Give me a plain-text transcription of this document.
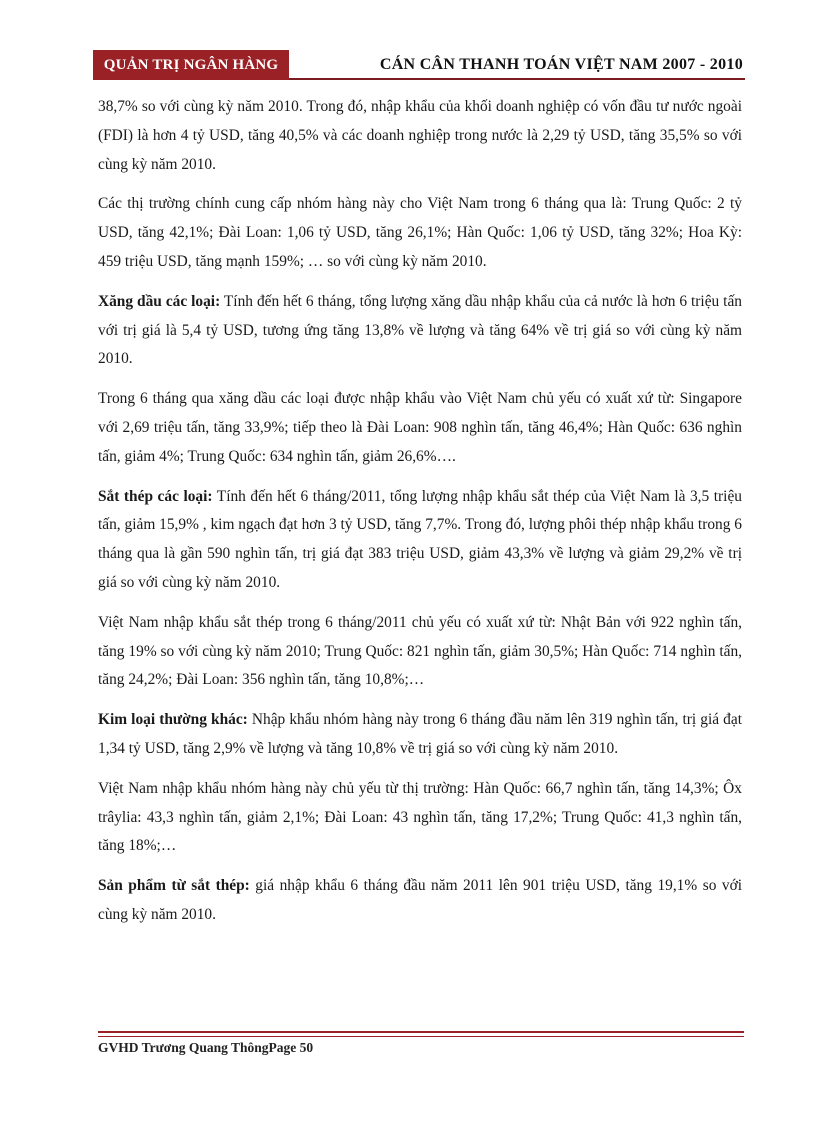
QUẢN TRỊ NGÂN HÀNG	CÁN CÂN THANH TOÁN VIỆT NAM 2007 - 2010

38,7% so với cùng kỳ năm 2010. Trong đó, nhập khẩu của khối doanh nghiệp có vốn đầu tư nước ngoài (FDI) là hơn 4 tỷ USD, tăng 40,5% và các doanh nghiệp trong nước là 2,29 tỷ USD, tăng 35,5% so với cùng kỳ năm 2010.

Các thị trường chính cung cấp nhóm hàng này cho Việt Nam trong 6 tháng qua là: Trung Quốc: 2 tỷ USD, tăng 42,1%; Đài Loan: 1,06 tỷ USD, tăng 26,1%; Hàn Quốc: 1,06 tỷ USD, tăng 32%; Hoa Kỳ: 459 triệu USD, tăng mạnh 159%; … so với cùng kỳ năm 2010.

Xăng dầu các loại: Tính đến hết 6 tháng, tổng lượng xăng dầu nhập khẩu của cả nước là hơn 6 triệu tấn với trị giá là 5,4 tỷ USD, tương ứng tăng 13,8% về lượng và tăng 64% về trị giá so với cùng kỳ năm 2010.

Trong 6 tháng qua xăng dầu các loại được nhập khẩu vào Việt Nam chủ yếu có xuất xứ từ: Singapore với 2,69 triệu tấn, tăng 33,9%; tiếp theo là Đài Loan: 908 nghìn tấn, tăng 46,4%; Hàn Quốc: 636 nghìn tấn, giảm 4%; Trung Quốc: 634 nghìn tấn, giảm 26,6%….

Sắt thép các loại: Tính đến hết 6 tháng/2011, tổng lượng nhập khẩu sắt thép của Việt Nam là 3,5 triệu tấn, giảm 15,9% , kim ngạch đạt hơn 3 tỷ USD, tăng 7,7%. Trong đó, lượng phôi thép nhập khẩu trong 6 tháng qua là gần 590 nghìn tấn, trị giá đạt 383 triệu USD, giảm 43,3% về lượng và giảm 29,2% về trị giá so với cùng kỳ năm 2010.

Việt Nam nhập khẩu sắt thép trong 6 tháng/2011 chủ yếu có xuất xứ từ: Nhật Bản với 922 nghìn tấn, tăng 19% so với cùng kỳ năm 2010; Trung Quốc: 821 nghìn tấn, giảm 30,5%; Hàn Quốc: 714 nghìn tấn, tăng 24,2%; Đài Loan: 356 nghìn tấn, tăng 10,8%;…

Kim loại thường khác: Nhập khẩu nhóm hàng này trong 6 tháng đầu năm lên 319 nghìn tấn, trị giá đạt 1,34 tỷ USD, tăng 2,9% về lượng và tăng 10,8% về trị giá so với cùng kỳ năm 2010.

Việt Nam nhập khẩu nhóm hàng này chủ yếu từ thị trường: Hàn Quốc: 66,7 nghìn tấn, tăng 14,3%; Ôx trâylia: 43,3 nghìn tấn, giảm 2,1%; Đài Loan: 43 nghìn tấn, tăng 17,2%; Trung Quốc: 41,3 nghìn tấn, tăng 18%;…

Sản phẩm từ sắt thép: giá nhập khẩu 6 tháng đầu năm 2011 lên 901 triệu USD, tăng 19,1% so với cùng kỳ năm 2010.

GVHD Trương Quang ThôngPage 50
